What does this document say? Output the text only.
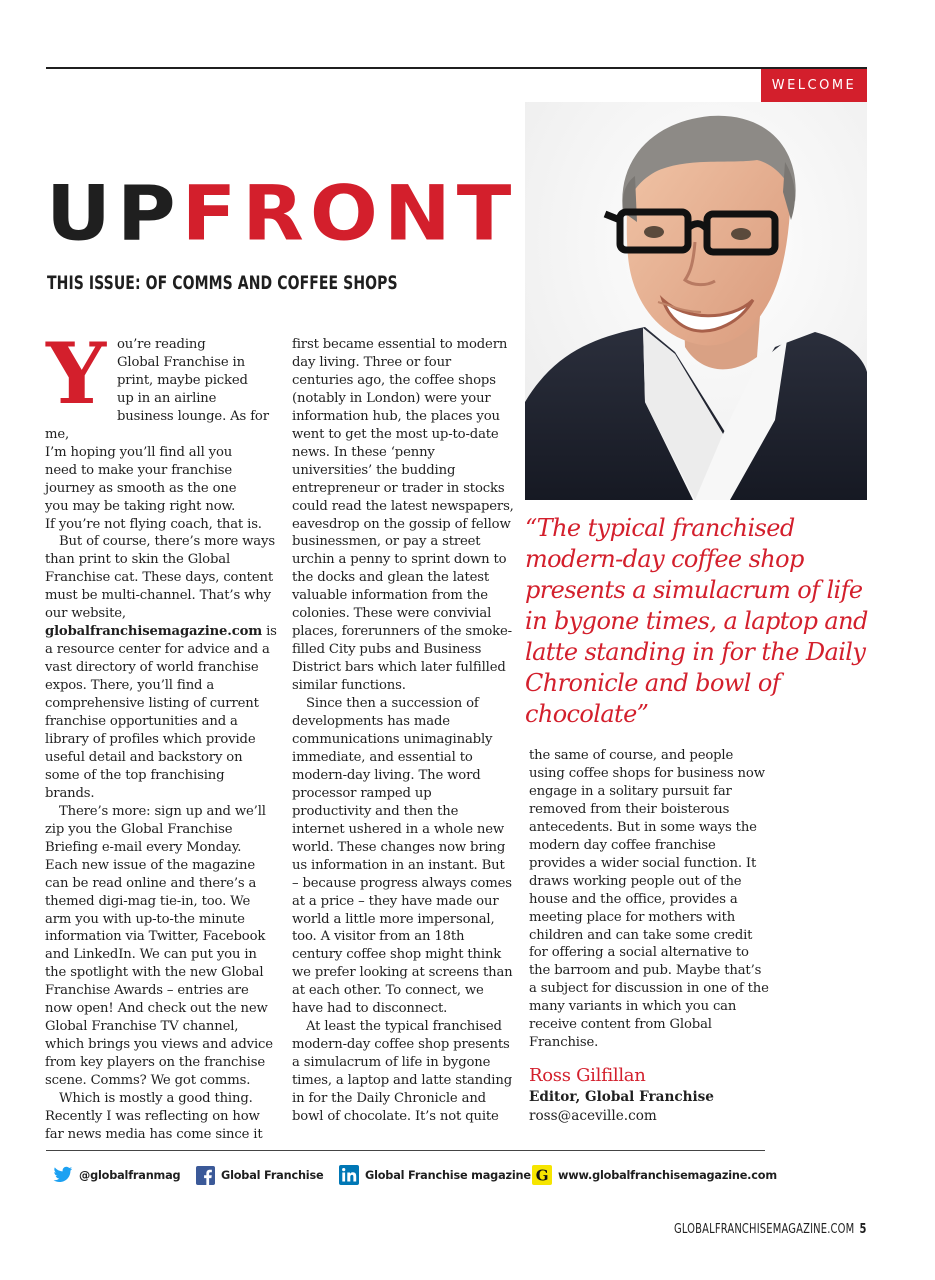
WELCOME
UPFRONT
THIS ISSUE: OF COMMS AND COFFEE SHOPS

Y ou’re reading
Global Franchise in
print, maybe picked
up in an airline
business lounge. As for me,
I’m hoping you’ll find all you
need to make your franchise
journey as smooth as the one
you may be taking right now.
If you’re not flying coach, that is.

But of course, there’s more ways than print to skin the Global Franchise cat. These days, content must be multi-channel. That’s why our website, globalfranchisemagazine.com is a resource center for advice and a vast directory of world franchise expos. There, you’ll find a comprehensive listing of current franchise opportunities and a library of profiles which provide useful detail and backstory on some of the top franchising brands.

There’s more: sign up and we’ll zip you the Global Franchise Briefing e-mail every Monday. Each new issue of the magazine can be read online and there’s a themed digi-mag tie-in, too. We arm you with up-to-the minute information via Twitter, Facebook and LinkedIn. We can put you in the spotlight with the new Global Franchise Awards – entries are now open! And check out the new Global Franchise TV channel, which brings you views and advice from key players on the franchise scene. Comms? We got comms.

Which is mostly a good thing. Recently I was reflecting on how far news media has come since it

first became essential to modern day living. Three or four centuries ago, the coffee shops (notably in London) were your information hub, the places you went to get the most up-to-date news. In these ‘penny universities’ the budding entrepreneur or trader in stocks could read the latest newspapers, eavesdrop on the gossip of fellow businessmen, or pay a street urchin a penny to sprint down to the docks and glean the latest valuable information from the colonies. These were convivial places, forerunners of the smoke-filled City pubs and Business District bars which later fulfilled similar functions.

Since then a succession of developments has made communications unimaginably immediate, and essential to modern-day living. The word processor ramped up productivity and then the internet ushered in a whole new world. These changes now bring us information in an instant. But – because progress always comes at a price – they have made our world a little more impersonal, too. A visitor from an 18th century coffee shop might think we prefer looking at screens than at each other. To connect, we have had to disconnect.

At least the typical franchised modern-day coffee shop presents a simulacrum of life in bygone times, a laptop and latte standing in for the Daily Chronicle and bowl of chocolate. It’s not quite

“The typical franchised modern-day coffee shop presents a simulacrum of life in bygone times, a laptop and latte standing in for the Daily Chronicle and bowl of chocolate”

the same of course, and people using coffee shops for business now engage in a solitary pursuit far removed from their boisterous antecedents. But in some ways the modern day coffee franchise provides a wider social function. It draws working people out of the house and the office, provides a meeting place for mothers with children and can take some credit for offering a social alternative to the barroom and pub. Maybe that’s a subject for discussion in one of the many variants in which you can receive content from Global Franchise.

Ross Gilfillan
Editor, Global Franchise
ross@aceville.com
@globalfranmag	Global Franchise	Global Franchise magazine G www.globalfranchisemagazine.com
GLOBALFRANCHISEMAGAZINE.COM 5
